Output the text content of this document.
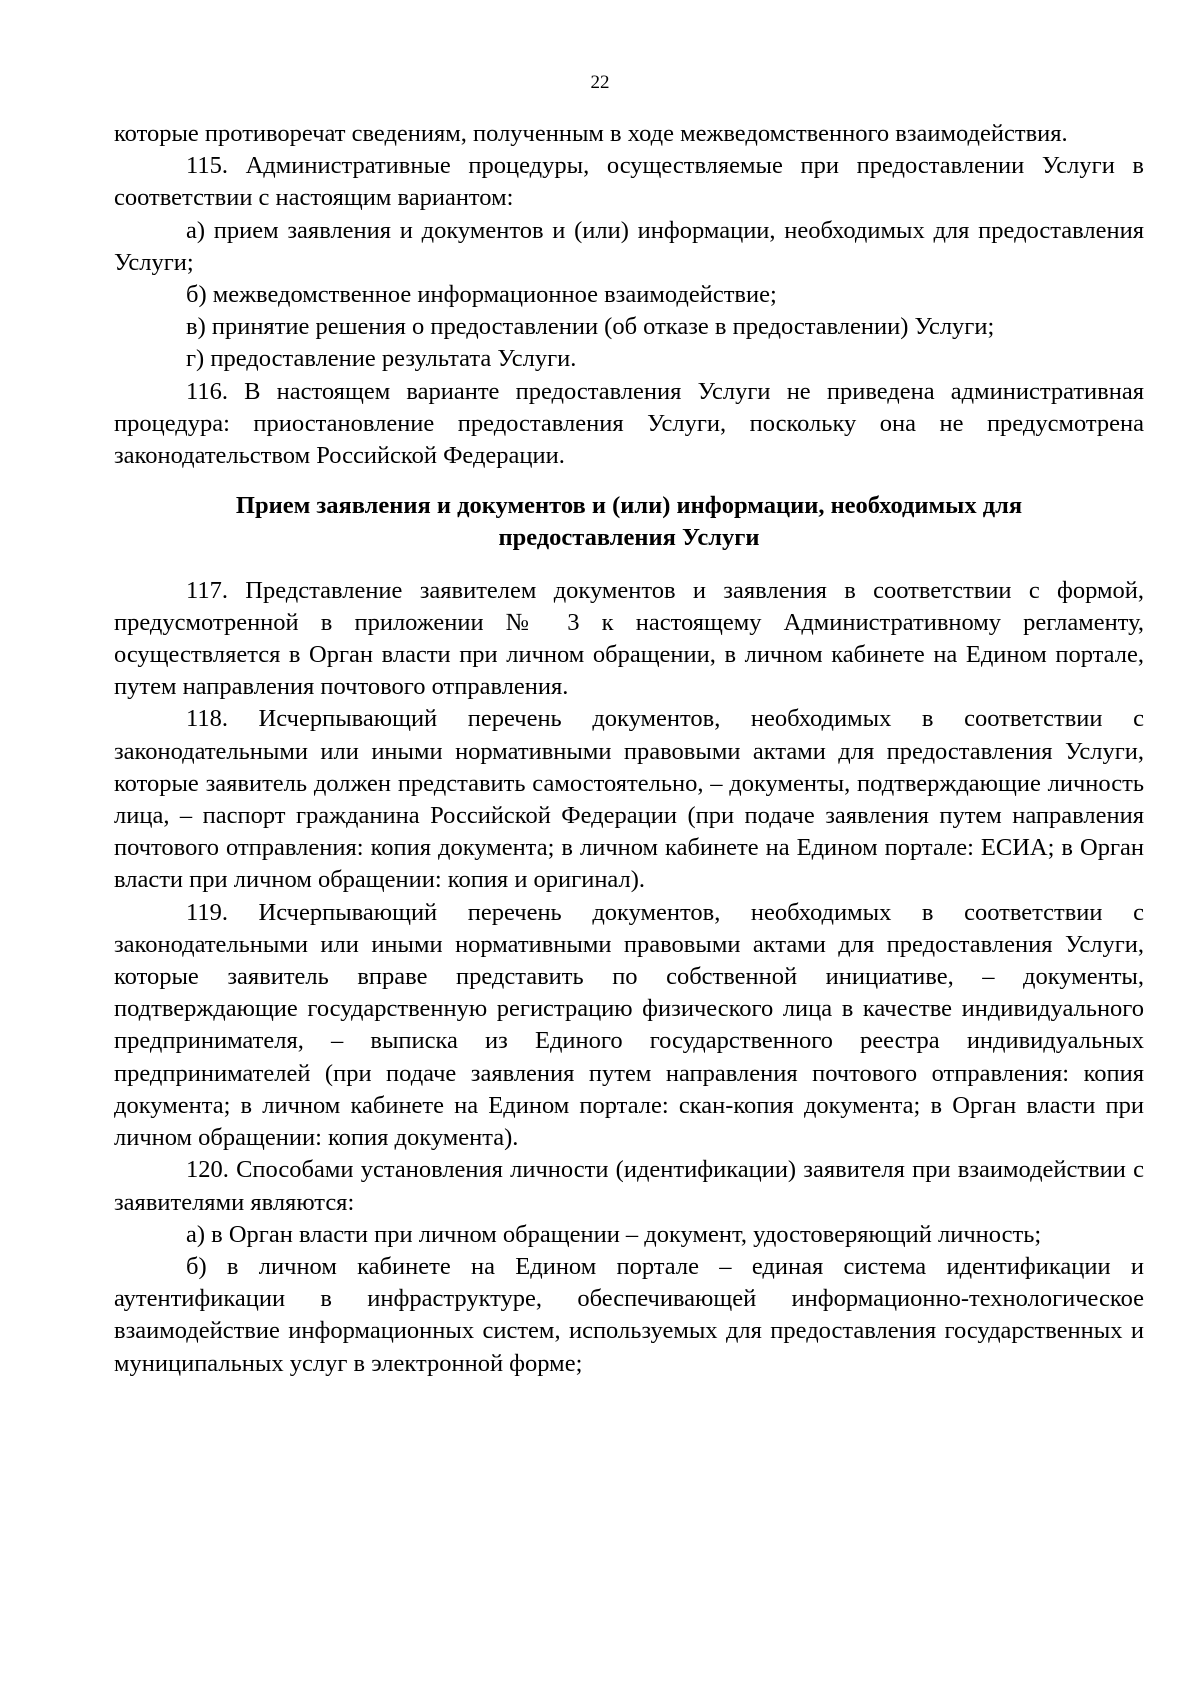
22

которые противоречат сведениям, полученным в ходе межведомственного взаимодействия.

115. Административные процедуры, осуществляемые при предоставлении Услуги в соответствии с настоящим вариантом:

а) прием заявления и документов и (или) информации, необходимых для предоставления Услуги;

б) межведомственное информационное взаимодействие;

в) принятие решения о предоставлении (об отказе в предоставлении) Услуги;

г) предоставление результата Услуги.

116. В настоящем варианте предоставления Услуги не приведена административная процедура: приостановление предоставления Услуги, поскольку она не предусмотрена законодательством Российской Федерации.

Прием заявления и документов и (или) информации, необходимых для предоставления Услуги

117. Представление заявителем документов и заявления в соответствии с формой, предусмотренной в приложении № 3 к настоящему Административному регламенту, осуществляется в Орган власти при личном обращении, в личном кабинете на Едином портале, путем направления почтового отправления.

118. Исчерпывающий перечень документов, необходимых в соответствии с законодательными или иными нормативными правовыми актами для предоставления Услуги, которые заявитель должен представить самостоятельно, – документы, подтверждающие личность лица, – паспорт гражданина Российской Федерации (при подаче заявления путем направления почтового отправления: копия документа; в личном кабинете на Едином портале: ЕСИА; в Орган власти при личном обращении: копия и оригинал).

119. Исчерпывающий перечень документов, необходимых в соответствии с законодательными или иными нормативными правовыми актами для предоставления Услуги, которые заявитель вправе представить по собственной инициативе, – документы, подтверждающие государственную регистрацию физического лица в качестве индивидуального предпринимателя, – выписка из Единого государственного реестра индивидуальных предпринимателей (при подаче заявления путем направления почтового отправления: копия документа; в личном кабинете на Едином портале: скан-копия документа; в Орган власти при личном обращении: копия документа).

120. Способами установления личности (идентификации) заявителя при взаимодействии с заявителями являются:

а) в Орган власти при личном обращении – документ, удостоверяющий личность;

б) в личном кабинете на Едином портале – единая система идентификации и аутентификации в инфраструктуре, обеспечивающей информационно-технологическое взаимодействие информационных систем, используемых для предоставления государственных и муниципальных услуг в электронной форме;
